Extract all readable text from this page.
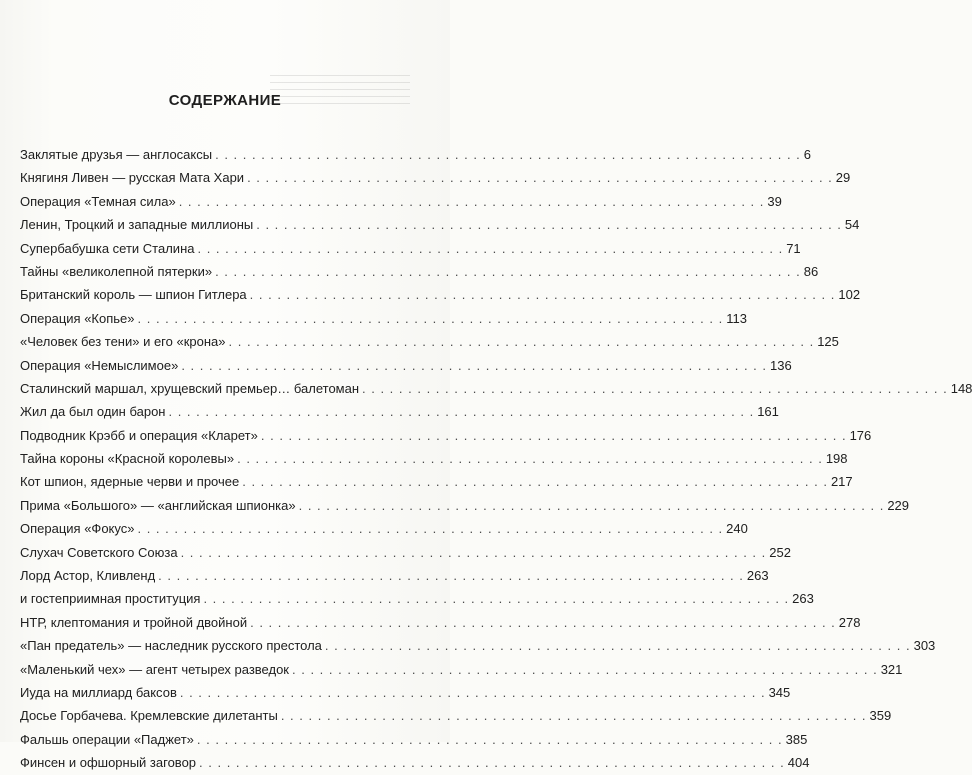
СОДЕРЖАНИЕ
Заклятые друзья — англосаксы . . .	6
Княгиня Ливен — русская Мата Хари . . .	29
Операция «Темная сила» . . .	39
Ленин, Троцкий и западные миллионы . . .	54
Супербабушка сети Сталина . . .	71
Тайны «великолепной пятерки» . . .	86
Британский король — шпион Гитлера . . .	102
Операция «Копье» . . .	113
«Человек без тени» и его «крона» . . .	125
Операция «Немыслимое» . . .	136
Сталинский маршал, хрущевский премьер… балетоман . . .	148
Жил да был один барон . . .	161
Подводник Крэбб и операция «Кларет» . . .	176
Тайна короны «Красной королевы» . . .	198
Кот шпион, ядерные черви и прочее . . .	217
Прима «Большого» — «английская шпионка» . . .	229
Операция «Фокус» . . .	240
Слухач Советского Союза . . .	252
Лорд Астор, Кливленд . . .	263
и гостеприимная проституция . . .	263
НТР, клептомания и тройной двойной . . .	278
«Пан предатель» — наследник русского престола . . .	303
«Маленький чех» — агент четырех разведок . . .	321
Иуда на миллиард баксов . . .	345
Досье Горбачева. Кремлевские дилетанты . . .	359
Фальшь операции «Паджет» . . .	385
Финсен и офшорный заговор . . .	404
